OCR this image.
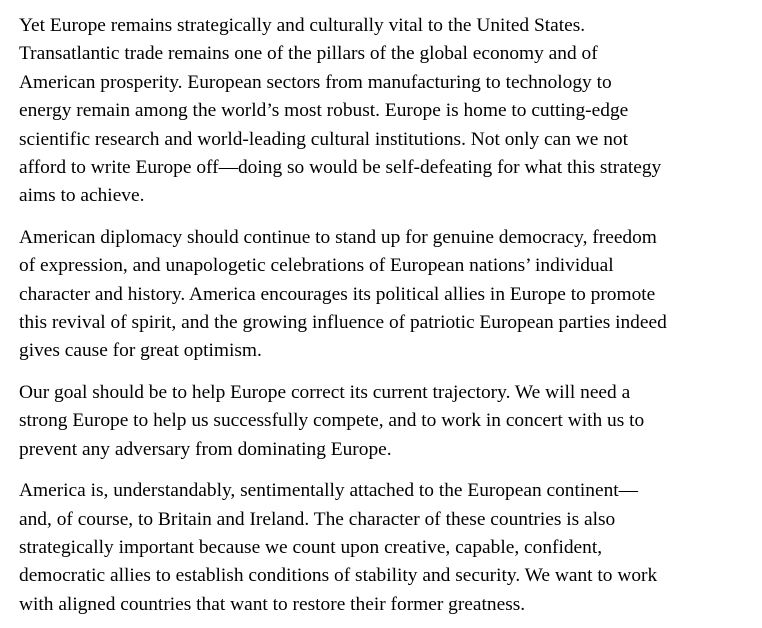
Yet Europe remains strategically and culturally vital to the United States.
Transatlantic trade remains one of the pillars of the global economy and of
American prosperity. European sectors from manufacturing to technology to
energy remain among the world’s most robust. Europe is home to cutting-edge
scientific research and world-leading cultural institutions. Not only can we not
afford to write Europe off—doing so would be self-defeating for what this strategy
aims to achieve.

American diplomacy should continue to stand up for genuine democracy, freedom
of expression, and unapologetic celebrations of European nations’ individual
character and history. America encourages its political allies in Europe to promote
this revival of spirit, and the growing influence of patriotic European parties indeed
gives cause for great optimism.

Our goal should be to help Europe correct its current trajectory. We will need a
strong Europe to help us successfully compete, and to work in concert with us to
prevent any adversary from dominating Europe.

America is, understandably, sentimentally attached to the European continent—
and, of course, to Britain and Ireland. The character of these countries is also
strategically important because we count upon creative, capable, confident,
democratic allies to establish conditions of stability and security. We want to work
with aligned countries that want to restore their former greatness.
